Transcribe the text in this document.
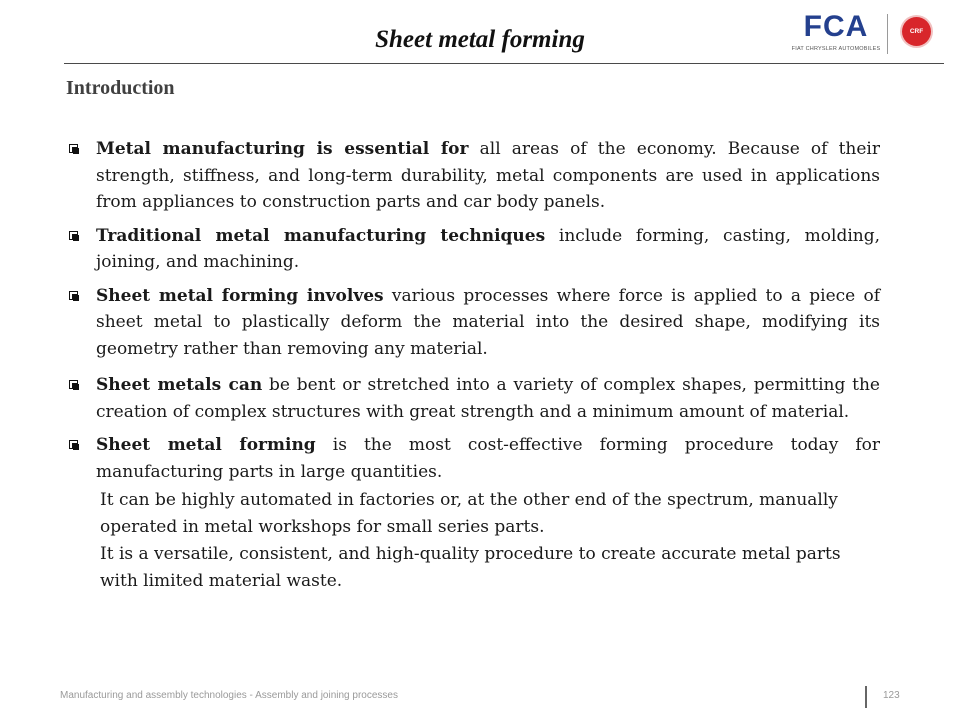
Sheet metal forming	FCA
FIAT CHRYSLER AUTOMOBILES
CRF
Introduction
Metal manufacturing is essential for all areas of the economy. Because of their strength, stiffness, and long-term durability, metal components are used in applications from appliances to construction parts and car body panels.
Traditional metal manufacturing techniques include forming, casting, molding, joining, and machining.
Sheet metal forming involves various processes where force is applied to a piece of sheet metal to plastically deform the material into the desired shape, modifying its geometry rather than removing any material.
Sheet metals can be bent or stretched into a variety of complex shapes, permitting the creation of complex structures with great strength and a minimum amount of material.
Sheet metal forming is the most cost-effective forming procedure today for manufacturing parts in large quantities.

It can be highly automated in factories or, at the other end of the spectrum, manually operated in metal workshops for small series parts.

It is a versatile, consistent, and high-quality procedure to create accurate metal parts with limited material waste.

Manufacturing and assembly technologies - Assembly and joining processes	123
